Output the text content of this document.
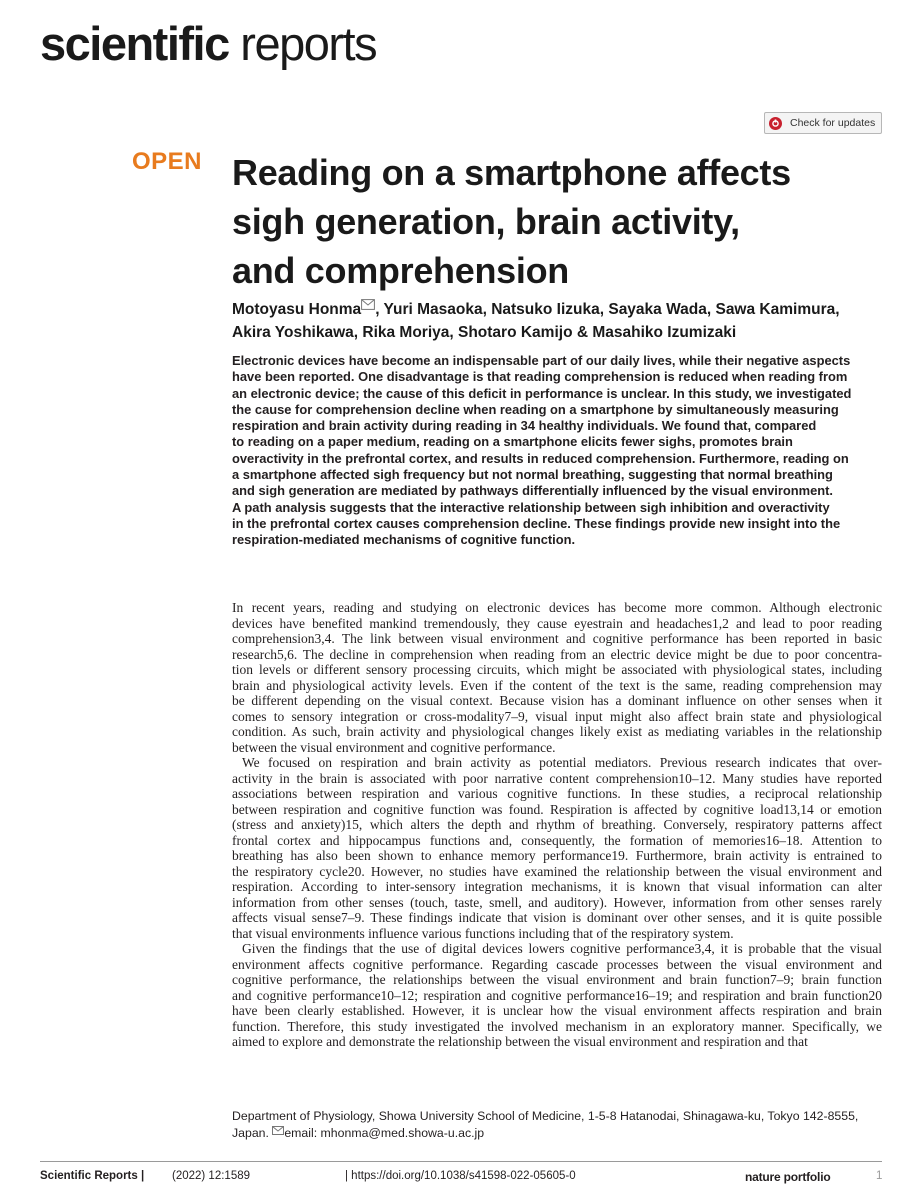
scientific reports
Check for updates
OPEN Reading on a smartphone affects
sigh generation, brain activity,
and comprehension
Motoyasu Honma , Yuri Masaoka, Natsuko Iizuka, Sayaka Wada, Sawa Kamimura,
Akira Yoshikawa, Rika Moriya, Shotaro Kamijo & Masahiko Izumizaki
Electronic devices have become an indispensable part of our daily lives, while their negative aspects
have been reported. One disadvantage is that reading comprehension is reduced when reading from
an electronic device; the cause of this deficit in performance is unclear. In this study, we investigated
the cause for comprehension decline when reading on a smartphone by simultaneously measuring
respiration and brain activity during reading in 34 healthy individuals. We found that, compared
to reading on a paper medium, reading on a smartphone elicits fewer sighs, promotes brain
overactivity in the prefrontal cortex, and results in reduced comprehension. Furthermore, reading on
a smartphone affected sigh frequency but not normal breathing, suggesting that normal breathing
and sigh generation are mediated by pathways differentially influenced by the visual environment.
A path analysis suggests that the interactive relationship between sigh inhibition and overactivity
in the prefrontal cortex causes comprehension decline. These findings provide new insight into the
respiration-mediated mechanisms of cognitive function.
In recent years, reading and studying on electronic devices has become more common. Although electronic
devices have benefited mankind tremendously, they cause eyestrain and headaches1,2 and lead to poor reading
comprehension3,4. The link between visual environment and cognitive performance has been reported in basic
research5,6. The decline in comprehension when reading from an electric device might be due to poor concentra-
tion levels or different sensory processing circuits, which might be associated with physiological states, including
brain and physiological activity levels. Even if the content of the text is the same, reading comprehension may
be different depending on the visual context. Because vision has a dominant influence on other senses when it
comes to sensory integration or cross-modality7–9, visual input might also affect brain state and physiological
condition. As such, brain activity and physiological changes likely exist as mediating variables in the relationship
between the visual environment and cognitive performance.
We focused on respiration and brain activity as potential mediators. Previous research indicates that over-
activity in the brain is associated with poor narrative content comprehension10–12. Many studies have reported
associations between respiration and various cognitive functions. In these studies, a reciprocal relationship
between respiration and cognitive function was found. Respiration is affected by cognitive load13,14 or emotion
(stress and anxiety)15, which alters the depth and rhythm of breathing. Conversely, respiratory patterns affect
frontal cortex and hippocampus functions and, consequently, the formation of memories16–18. Attention to
breathing has also been shown to enhance memory performance19. Furthermore, brain activity is entrained to
the respiratory cycle20. However, no studies have examined the relationship between the visual environment and
respiration. According to inter-sensory integration mechanisms, it is known that visual information can alter
information from other senses (touch, taste, smell, and auditory). However, information from other senses rarely
affects visual sense7–9. These findings indicate that vision is dominant over other senses, and it is quite possible
that visual environments influence various functions including that of the respiratory system.
Given the findings that the use of digital devices lowers cognitive performance3,4, it is probable that the visual
environment affects cognitive performance. Regarding cascade processes between the visual environment and
cognitive performance, the relationships between the visual environment and brain function7–9; brain function
and cognitive performance10–12; respiration and cognitive performance16–19; and respiration and brain function20
have been clearly established. However, it is unclear how the visual environment affects respiration and brain
function. Therefore, this study investigated the involved mechanism in an exploratory manner. Specifically, we
aimed to explore and demonstrate the relationship between the visual environment and respiration and that
Department of Physiology, Showa University School of Medicine, 1-5-8 Hatanodai, Shinagawa-ku, Tokyo 142-8555,
Japan. email: mhonma@med.showa-u.ac.jp
Scientific Reports | (2022) 12:1589	| https://doi.org/10.1038/s41598-022-05605-0	nature portfolio	1
